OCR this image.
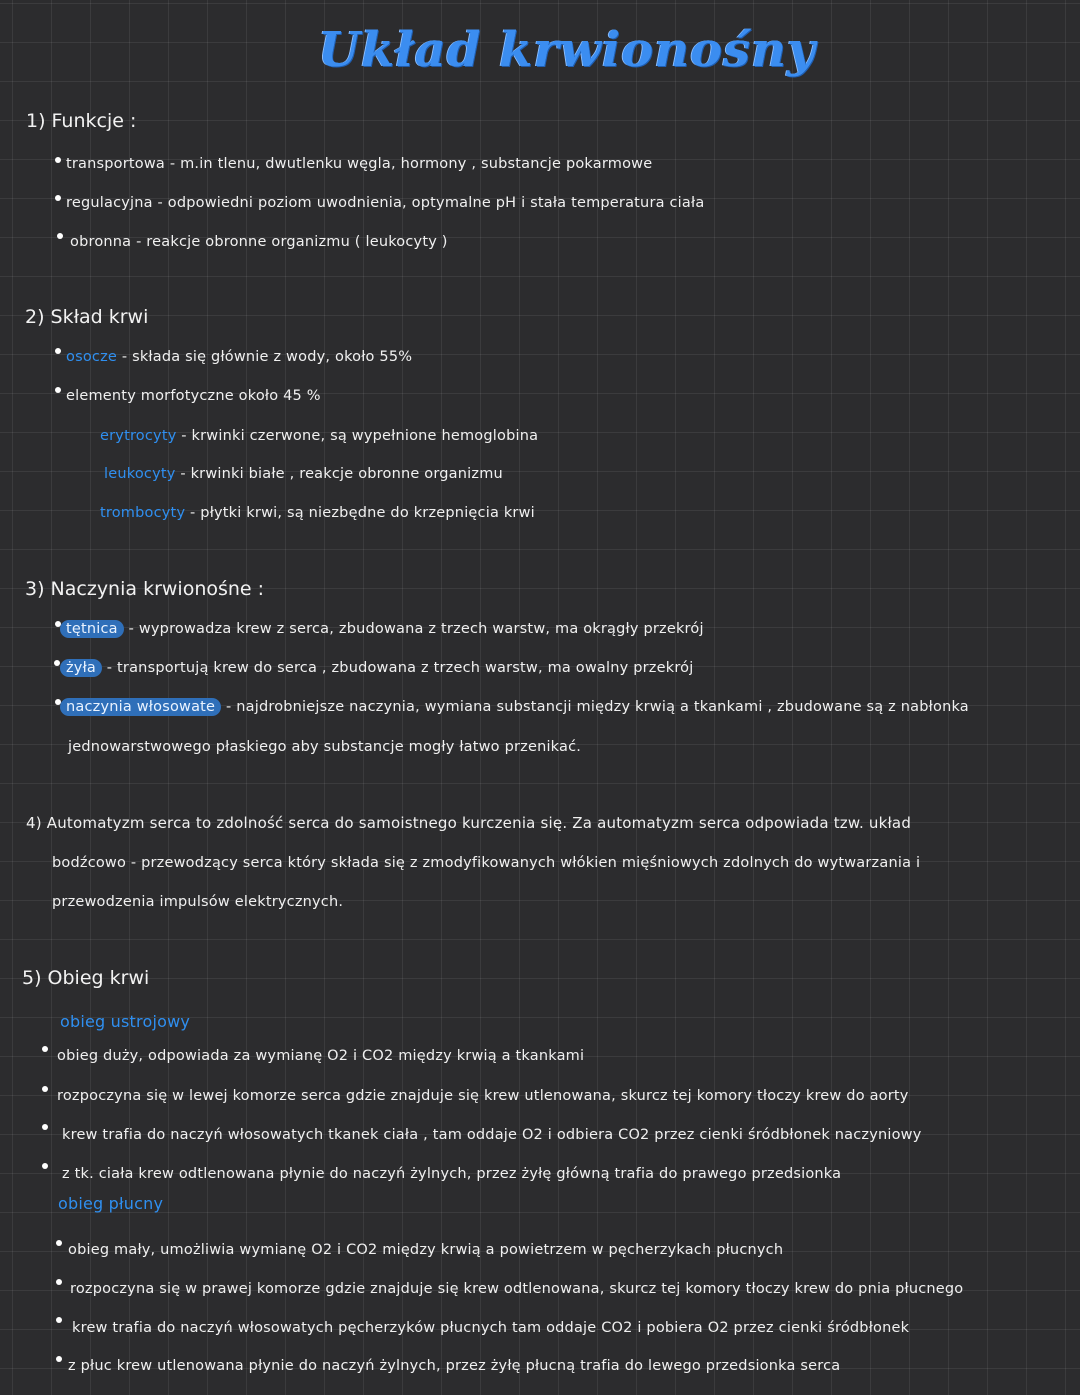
Układ krwionośny
1) Funkcje :
transportowa - m.in tlenu, dwutlenku węgla, hormony , substancje pokarmowe
regulacyjna - odpowiedni poziom uwodnienia, optymalne pH i stała temperatura ciała
obronna - reakcje obronne organizmu ( leukocyty )
2) Skład krwi
osocze - składa się głównie z wody, około 55%
elementy morfotyczne około 45 %
erytrocyty - krwinki czerwone, są wypełnione hemoglobina
leukocyty - krwinki białe , reakcje obronne organizmu
trombocyty - płytki krwi, są niezbędne do krzepnięcia krwi
3) Naczynia krwionośne :
tętnica - wyprowadza krew z serca, zbudowana z trzech warstw, ma okrągły przekrój
żyła - transportują krew do serca , zbudowana z trzech warstw, ma owalny przekrój
naczynia włosowate - najdrobniejsze naczynia, wymiana substancji między krwią a tkankami , zbudowane są z nabłonka
jednowarstwowego płaskiego aby substancje mogły łatwo przenikać.
4) Automatyzm serca to zdolność serca do samoistnego kurczenia się. Za automatyzm serca odpowiada tzw. układ
bodźcowo - przewodzący serca który składa się z zmodyfikowanych włókien mięśniowych zdolnych do wytwarzania i
przewodzenia impulsów elektrycznych.
5) Obieg krwi
obieg ustrojowy
obieg duży, odpowiada za wymianę O2 i CO2 między krwią a tkankami
rozpoczyna się w lewej komorze serca gdzie znajduje się krew utlenowana, skurcz tej komory tłoczy krew do aorty
krew trafia do naczyń włosowatych tkanek ciała , tam oddaje O2 i odbiera CO2 przez cienki śródbłonek naczyniowy
z tk. ciała krew odtlenowana płynie do naczyń żylnych, przez żyłę główną trafia do prawego przedsionka
obieg płucny
obieg mały, umożliwia wymianę O2 i CO2 między krwią a powietrzem w pęcherzykach płucnych
rozpoczyna się w prawej komorze gdzie znajduje się krew odtlenowana, skurcz tej komory tłoczy krew do pnia płucnego
krew trafia do naczyń włosowatych pęcherzyków płucnych tam oddaje CO2 i pobiera O2 przez cienki śródbłonek
z płuc krew utlenowana płynie do naczyń żylnych, przez żyłę płucną trafia do lewego przedsionka serca
